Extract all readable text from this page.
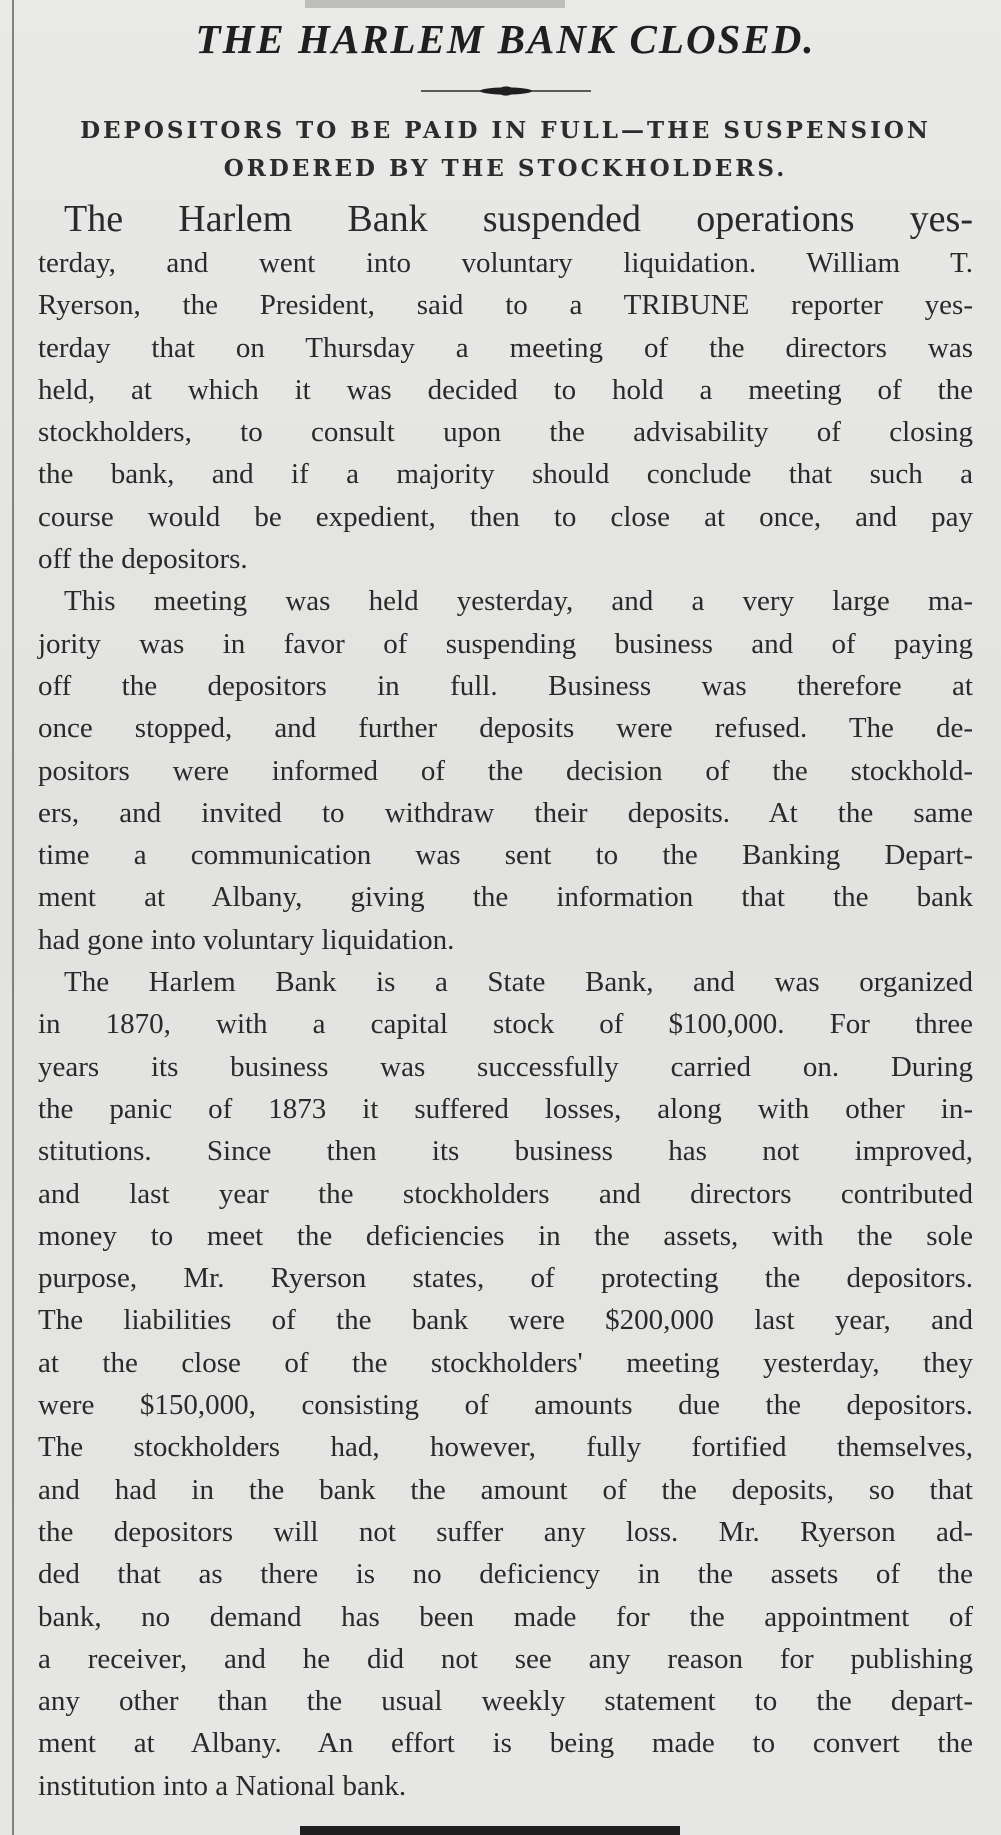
THE HARLEM BANK CLOSED.
DEPOSITORS TO BE PAID IN FULL—THE SUSPENSION
ORDERED BY THE STOCKHOLDERS.
The Harlem Bank suspended operations yes-
terday, and went into voluntary liquidation. William T.
Ryerson, the President, said to a TRIBUNE reporter yes-
terday that on Thursday a meeting of the directors was
held, at which it was decided to hold a meeting of the
stockholders, to consult upon the advisability of closing
the bank, and if a majority should conclude that such a
course would be expedient, then to close at once, and pay
off the depositors.
This meeting was held yesterday, and a very large ma-
jority was in favor of suspending business and of paying
off the depositors in full. Business was therefore at
once stopped, and further deposits were refused. The de-
positors were informed of the decision of the stockhold-
ers, and invited to withdraw their deposits. At the same
time a communication was sent to the Banking Depart-
ment at Albany, giving the information that the bank
had gone into voluntary liquidation.
The Harlem Bank is a State Bank, and was organized
in 1870, with a capital stock of $100,000. For three
years its business was successfully carried on. During
the panic of 1873 it suffered losses, along with other in-
stitutions. Since then its business has not improved,
and last year the stockholders and directors contributed
money to meet the deficiencies in the assets, with the sole
purpose, Mr. Ryerson states, of protecting the depositors.
The liabilities of the bank were $200,000 last year, and
at the close of the stockholders' meeting yesterday, they
were $150,000, consisting of amounts due the depositors.
The stockholders had, however, fully fortified themselves,
and had in the bank the amount of the deposits, so that
the depositors will not suffer any loss. Mr. Ryerson ad-
ded that as there is no deficiency in the assets of the
bank, no demand has been made for the appointment of
a receiver, and he did not see any reason for publishing
any other than the usual weekly statement to the depart-
ment at Albany. An effort is being made to convert the
institution into a National bank.
